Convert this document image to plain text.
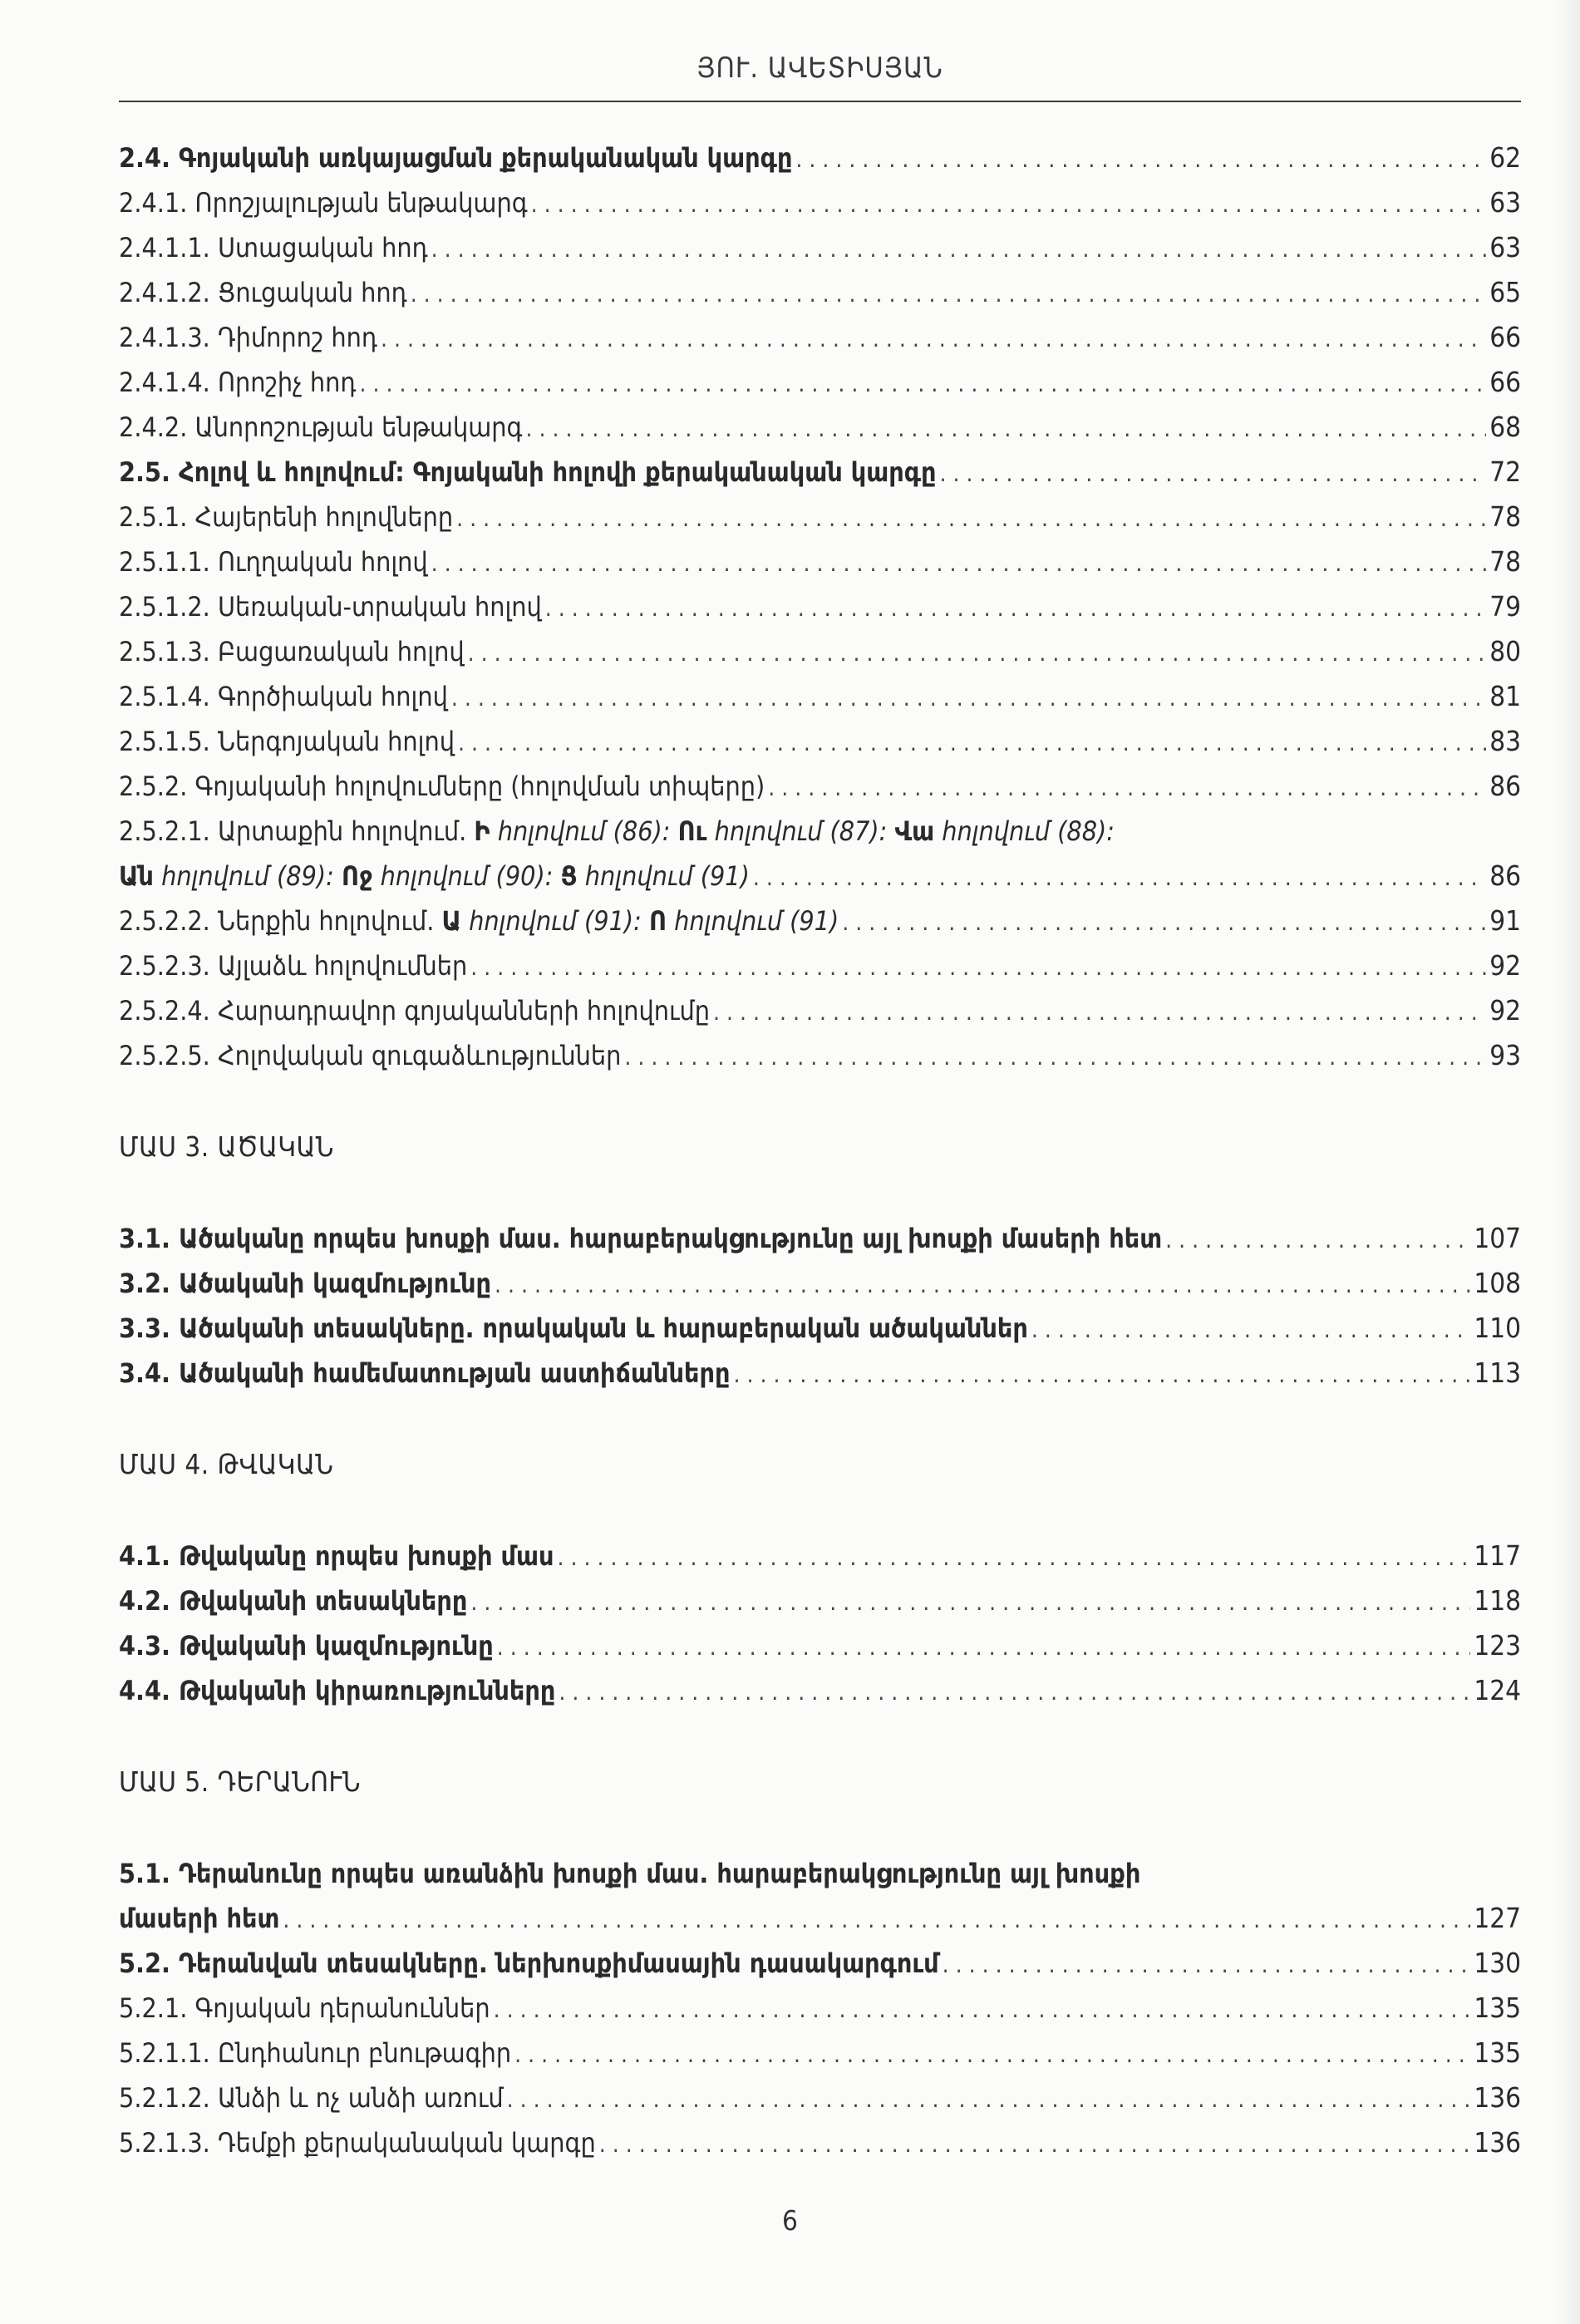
ՅՈՒ. ԱՎԵՏԻՍՅԱՆ
2.4. Գոյականի առկայացման քերականական կարգը . . .	62
2.4.1. Որոշյալության ենթակարգ . . .	63
2.4.1.1. Ստացական հոդ . . .	63
2.4.1.2. Ցուցական հոդ . . .	65
2.4.1.3. Դիմորոշ հոդ . . .	66
2.4.1.4. Որոշիչ հոդ . . .	66
2.4.2. Անորոշության ենթակարգ . . .	68
2.5. Հոլով և հոլովում: Գոյականի հոլովի քերականական կարգը . . .	72
2.5.1. Հայերենի հոլովները . . .	78
2.5.1.1. Ուղղական հոլով . . .	78
2.5.1.2. Սեռական-տրական հոլով . . .	79
2.5.1.3. Բացառական հոլով . . .	80
2.5.1.4. Գործիական հոլով . . .	81
2.5.1.5. Ներգոյական հոլով . . .	83
2.5.2. Գոյականի հոլովումները (հոլովման տիպերը) . . .	86
2.5.2.1. Արտաքին հոլովում. Ի հոլովում (86): Ու հոլովում (87): Վա հոլովում (88):
Ան հոլովում (89): Ոջ հոլովում (90): Ց հոլովում (91) . . .	86
2.5.2.2. Ներքին հոլովում. Ա հոլովում (91): Ո հոլովում (91) . . .	91
2.5.2.3. Այլաձև հոլովումներ . . .	92
2.5.2.4. Հարադրավոր գոյականների հոլովումը . . .	92
2.5.2.5. Հոլովական զուգաձևություններ . . .	93
ՄԱՍ 3. ԱԾԱԿԱՆ
3.1. Ածականը որպես խոսքի մաս. հարաբերակցությունը այլ խոսքի մասերի հետ . . .	107
3.2. Ածականի կազմությունը . . .	108
3.3. Ածականի տեսակները. որակական և հարաբերական ածականներ . . .	110
3.4. Ածականի համեմատության աստիճանները . . .	113
ՄԱՍ 4. ԹՎԱԿԱՆ
4.1. Թվականը որպես խոսքի մաս . . .	117
4.2. Թվականի տեսակները . . .	118
4.3. Թվականի կազմությունը . . .	123
4.4. Թվականի կիրառությունները . . .	124
ՄԱՍ 5. ԴԵՐԱՆՈՒՆ
5.1. Դերանունը որպես առանձին խոսքի մաս. հարաբերակցությունը այլ խոսքի
մասերի հետ . . .	127
5.2. Դերանվան տեսակները. ներխոսքիմասային դասակարգում . . .	130
5.2.1. Գոյական դերանուններ . . .	135
5.2.1.1. Ընդհանուր բնութագիր . . .	135
5.2.1.2. Անձի և ոչ անձի առում . . .	136
5.2.1.3. Դեմքի քերականական կարգը . . .	136
6
